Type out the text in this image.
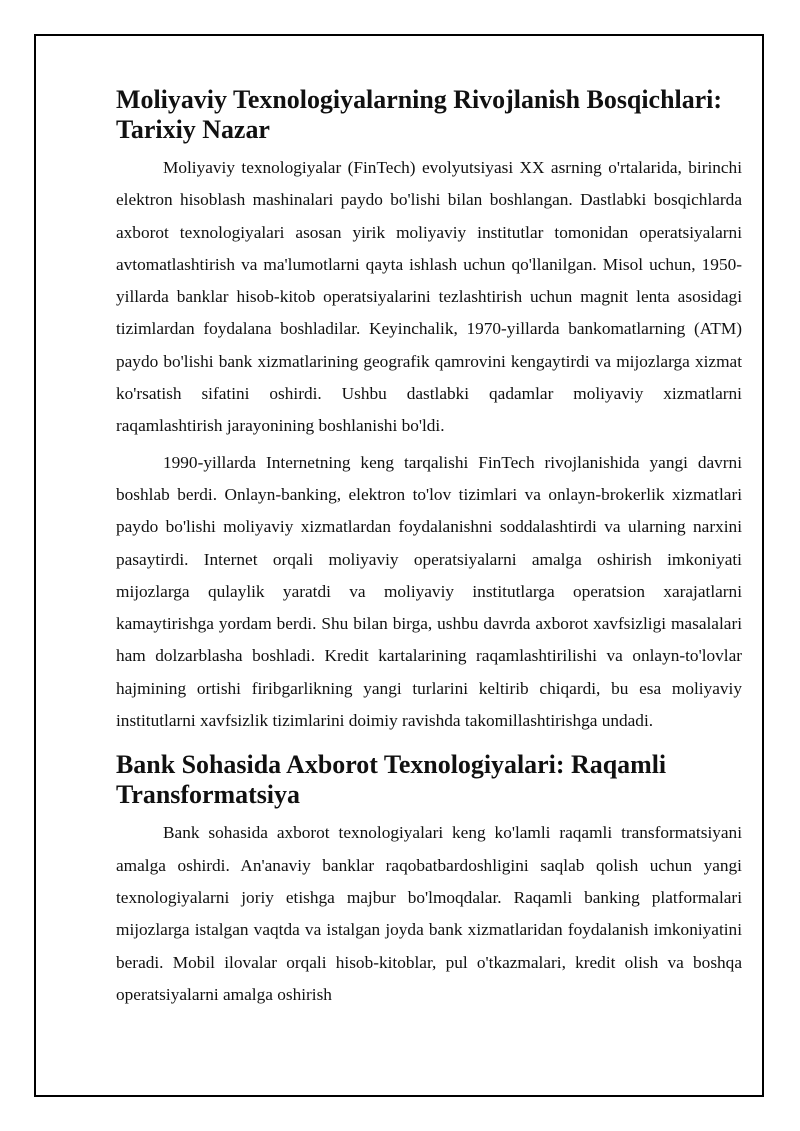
Moliyaviy Texnologiyalarning Rivojlanish Bosqichlari: Tarixiy Nazar

Moliyaviy texnologiyalar (FinTech) evolyutsiyasi XX asrning o'rtalarida, birinchi elektron hisoblash mashinalari paydo bo'lishi bilan boshlangan. Dastlabki bosqichlarda axborot texnologiyalari asosan yirik moliyaviy institutlar tomonidan operatsiyalarni avtomatlashtirish va ma'lumotlarni qayta ishlash uchun qo'llanilgan. Misol uchun, 1950-yillarda banklar hisob-kitob operatsiyalarini tezlashtirish uchun magnit lenta asosidagi tizimlardan foydalana boshladilar. Keyinchalik, 1970-yillarda bankomatlarning (ATM) paydo bo'lishi bank xizmatlarining geografik qamrovini kengaytirdi va mijozlarga xizmat ko'rsatish sifatini oshirdi. Ushbu dastlabki qadamlar moliyaviy xizmatlarni raqamlashtirish jarayonining boshlanishi bo'ldi.

1990-yillarda Internetning keng tarqalishi FinTech rivojlanishida yangi davrni boshlab berdi. Onlayn-banking, elektron to'lov tizimlari va onlayn-brokerlik xizmatlari paydo bo'lishi moliyaviy xizmatlardan foydalanishni soddalashtirdi va ularning narxini pasaytirdi. Internet orqali moliyaviy operatsiyalarni amalga oshirish imkoniyati mijozlarga qulaylik yaratdi va moliyaviy institutlarga operatsion xarajatlarni kamaytirishga yordam berdi. Shu bilan birga, ushbu davrda axborot xavfsizligi masalalari ham dolzarblasha boshladi. Kredit kartalarining raqamlashtirilishi va onlayn-to'lovlar hajmining ortishi firibgarlikning yangi turlarini keltirib chiqardi, bu esa moliyaviy institutlarni xavfsizlik tizimlarini doimiy ravishda takomillashtirishga undadi.

Bank Sohasida Axborot Texnologiyalari: Raqamli Transformatsiya

Bank sohasida axborot texnologiyalari keng ko'lamli raqamli transformatsiyani amalga oshirdi. An'anaviy banklar raqobatbardoshligini saqlab qolish uchun yangi texnologiyalarni joriy etishga majbur bo'lmoqdalar. Raqamli banking platformalari mijozlarga istalgan vaqtda va istalgan joyda bank xizmatlaridan foydalanish imkoniyatini beradi. Mobil ilovalar orqali hisob-kitoblar, pul o'tkazmalari, kredit olish va boshqa operatsiyalarni amalga oshirish
